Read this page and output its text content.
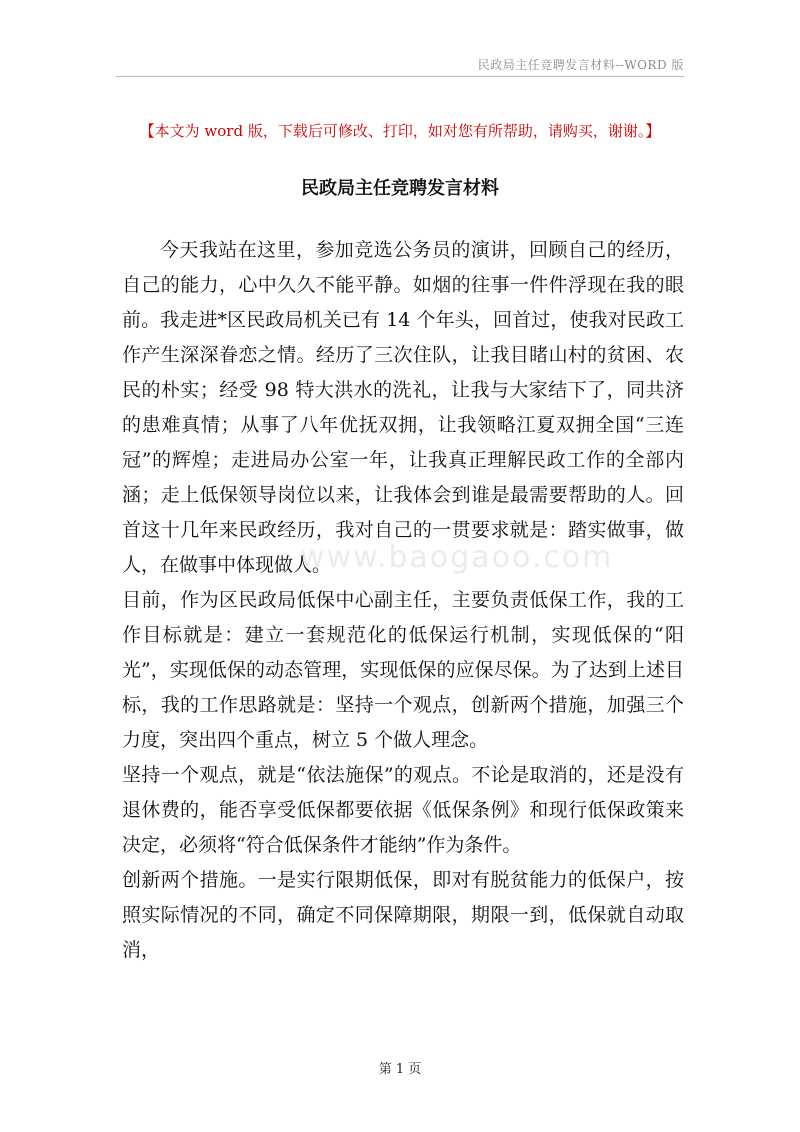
民政局主任竞聘发言材料--WORD 版
【本文为 word 版，下载后可修改、打印，如对您有所帮助，请购买，谢谢。】
民政局主任竞聘发言材料
www.baogaoo.com

今天我站在这里，参加竞选公务员的演讲，回顾自己的经历，自己的能力，心中久久不能平静。如烟的往事一件件浮现在我的眼前。我走进*区民政局机关已有 14 个年头，回首过，使我对民政工作产生深深眷恋之情。经历了三次住队，让我目睹山村的贫困、农民的朴实；经受 98 特大洪水的洗礼，让我与大家结下了，同共济的患难真情；从事了八年优抚双拥，让我领略江夏双拥全国“三连冠”的辉煌；走进局办公室一年，让我真正理解民政工作的全部内涵；走上低保领导岗位以来，让我体会到谁是最需要帮助的人。回首这十几年来民政经历，我对自己的一贯要求就是：踏实做事，做人，在做事中体现做人。

目前，作为区民政局低保中心副主任，主要负责低保工作，我的工作目标就是：建立一套规范化的低保运行机制，实现低保的“阳光”，实现低保的动态管理，实现低保的应保尽保。为了达到上述目标，我的工作思路就是：坚持一个观点，创新两个措施，加强三个力度，突出四个重点，树立 5 个做人理念。

坚持一个观点，就是“依法施保”的观点。不论是取消的，还是没有退休费的，能否享受低保都要依据《低保条例》和现行低保政策来决定，必须将“符合低保条件才能纳”作为条件。

创新两个措施。一是实行限期低保，即对有脱贫能力的低保户，按照实际情况的不同，确定不同保障期限，期限一到，低保就自动取消，

第 1 页
